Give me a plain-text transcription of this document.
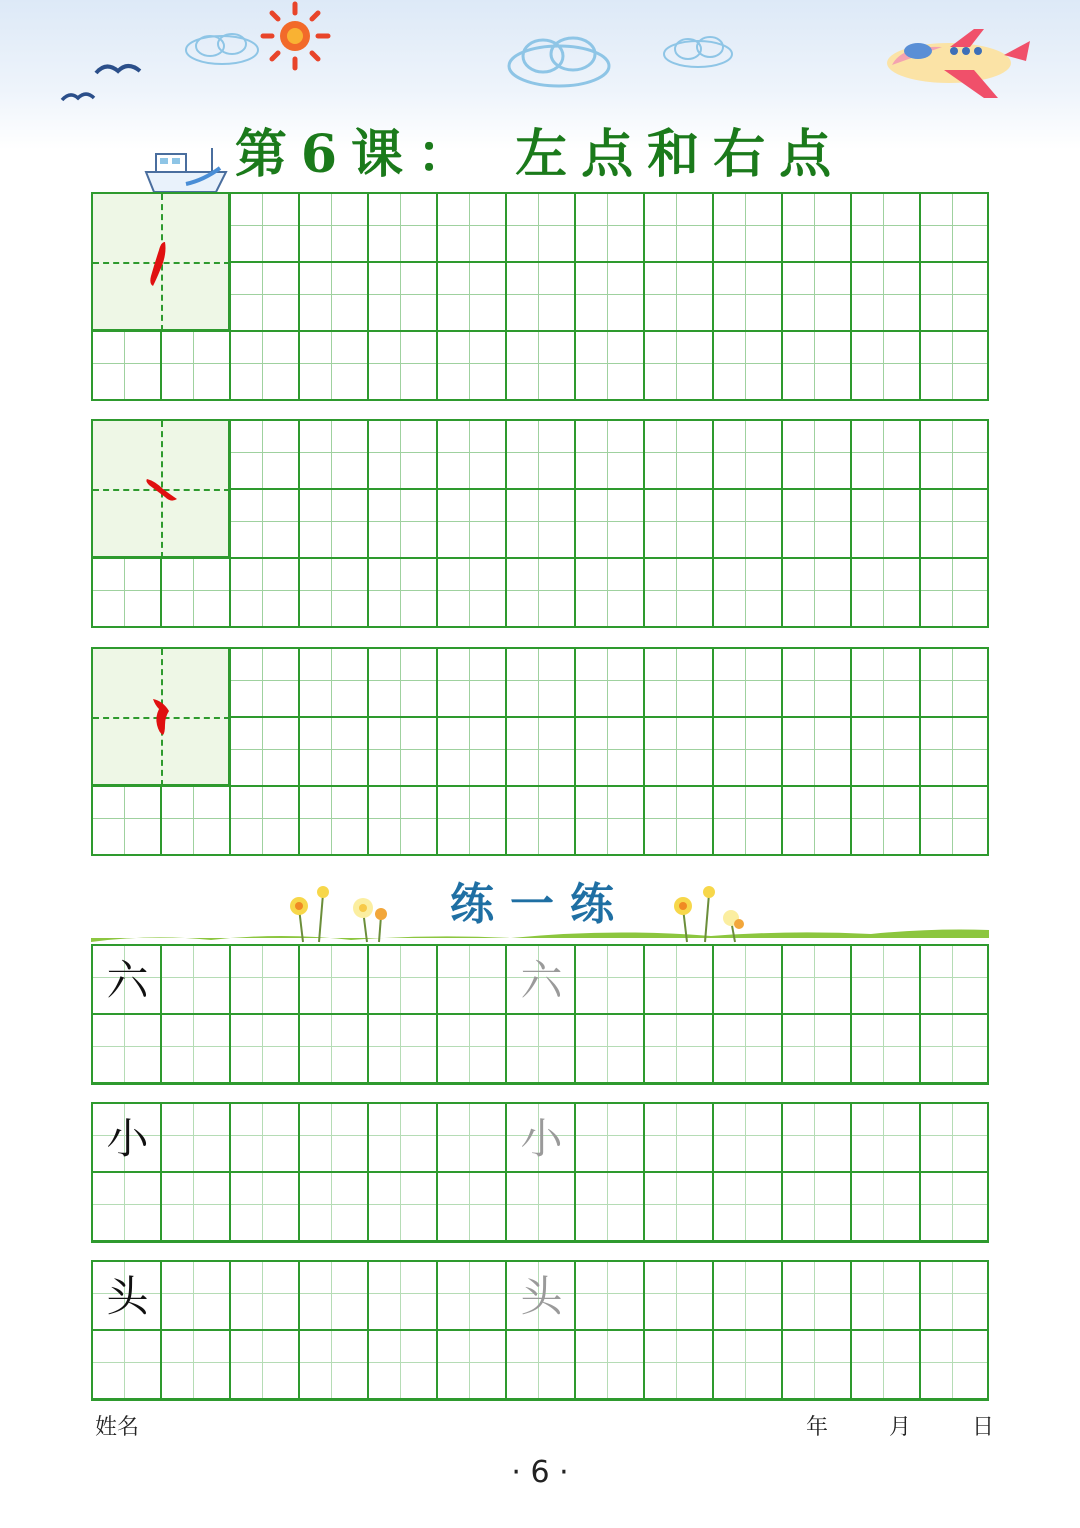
第6课： 左点和右点
练一练
六	六
小	小
头	头
姓名	年	月	日
· 6 ·
